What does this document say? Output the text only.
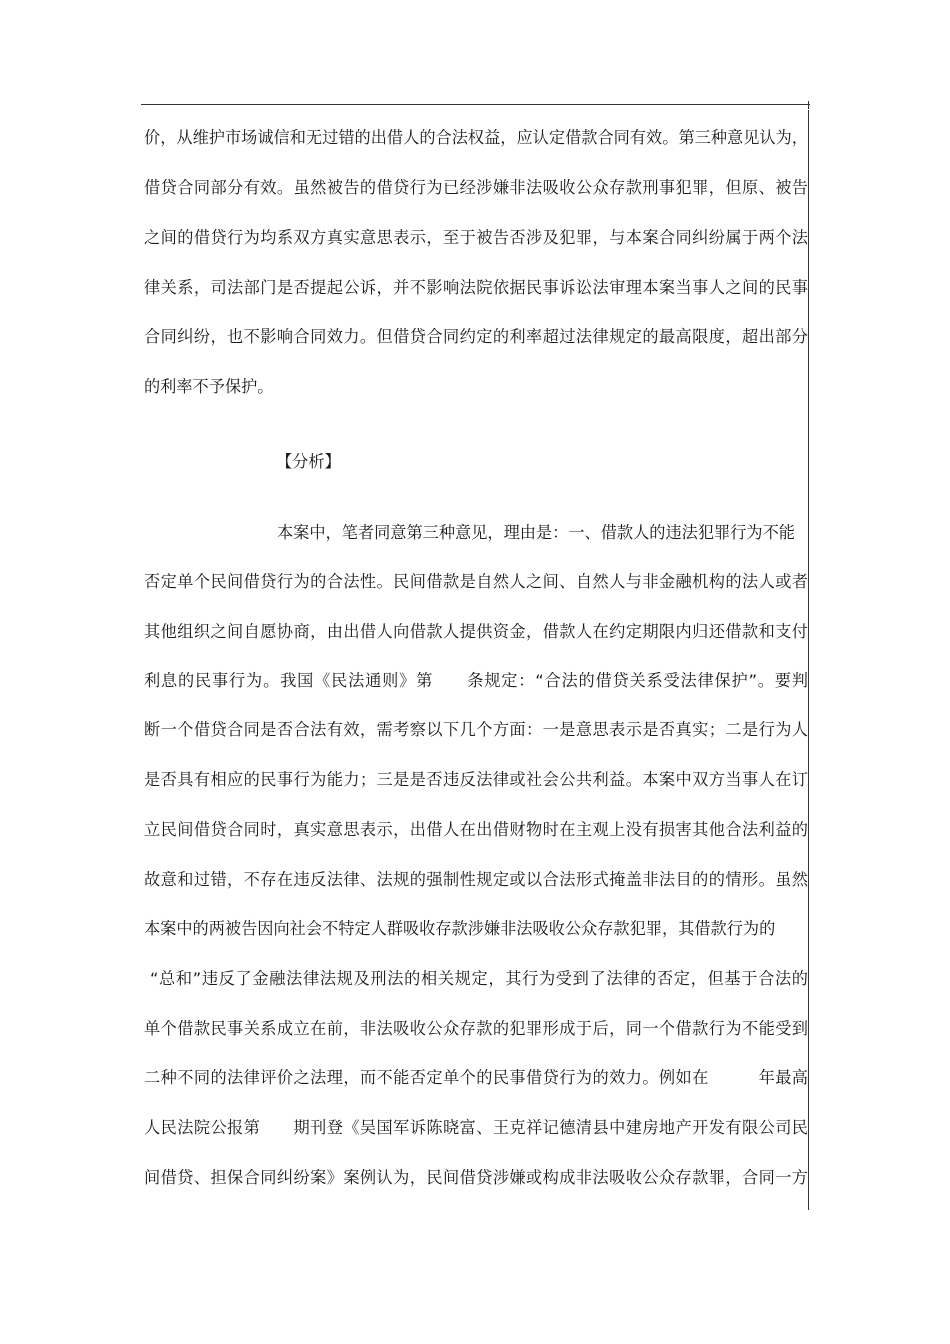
价，从维护市场诚信和无过错的出借人的合法权益，应认定借款合同有效。第三种意见认为，
借贷合同部分有效。虽然被告的借贷行为已经涉嫌非法吸收公众存款刑事犯罪，但原、被告
之间的借贷行为均系双方真实意思表示，至于被告否涉及犯罪，与本案合同纠纷属于两个法
律关系，司法部门是否提起公诉，并不影响法院依据民事诉讼法审理本案当事人之间的民事
合同纠纷，也不影响合同效力。但借贷合同约定的利率超过法律规定的最高限度，超出部分
的利率不予保护。
【分析】
本案中，笔者同意第三种意见，理由是：一、借款人的违法犯罪行为不能
否定单个民间借贷行为的合法性。民间借款是自然人之间、自然人与非金融机构的法人或者
其他组织之间自愿协商，由出借人向借款人提供资金，借款人在约定期限内归还借款和支付
利息的民事行为。我国《民法通则》第　　条规定：“合法的借贷关系受法律保护”。要判
断一个借贷合同是否合法有效，需考察以下几个方面：一是意思表示是否真实；二是行为人
是否具有相应的民事行为能力；三是是否违反法律或社会公共利益。本案中双方当事人在订
立民间借贷合同时，真实意思表示，出借人在出借财物时在主观上没有损害其他合法利益的
故意和过错，不存在违反法律、法规的强制性规定或以合法形式掩盖非法目的的情形。虽然
本案中的两被告因向社会不特定人群吸收存款涉嫌非法吸收公众存款犯罪，其借款行为的
“总和”违反了金融法律法规及刑法的相关规定，其行为受到了法律的否定，但基于合法的
单个借款民事关系成立在前，非法吸收公众存款的犯罪形成于后，同一个借款行为不能受到
二种不同的法律评价之法理，而不能否定单个的民事借贷行为的效力。例如在　　　年最高
人民法院公报第　　期刊登《吴国军诉陈晓富、王克祥记德清县中建房地产开发有限公司民
间借贷、担保合同纠纷案》案例认为，民间借贷涉嫌或构成非法吸收公众存款罪，合同一方
